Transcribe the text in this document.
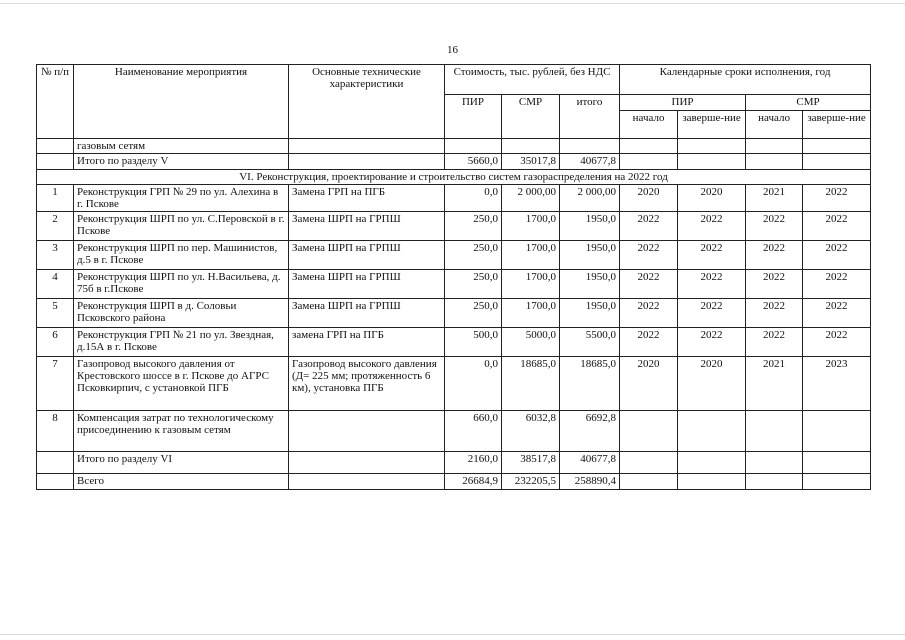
16
№ п/п	Наименование мероприятия	Основные технические характеристики	Стоимость, тыс. рублей, без НДС			Календарные сроки исполнения, год			
			ПИР	СМР	итого	ПИР		СМР	
						начало	заверше-ние	начало	заверше-ние
	газовым сетям								
	Итого по разделу V		5660,0	35017,8	40677,8				
VI. Реконструкция, проектирование и строительство систем газораспределения на 2022 год									
1	Реконструкция ГРП № 29 по ул. Алехина в г. Пскове	Замена ГРП на ПГБ	0,0	2 000,00	2 000,00	2020	2020	2021	2022
2	Реконструкция ШРП по ул. С.Перовской в г. Пскове	Замена ШРП на ГРПШ	250,0	1700,0	1950,0	2022	2022	2022	2022
3	Реконструкция ШРП по пер. Машинистов, д.5 в г. Пскове	Замена ШРП на ГРПШ	250,0	1700,0	1950,0	2022	2022	2022	2022
4	Реконструкция ШРП по ул. Н.Васильева, д. 75б в г.Пскове	Замена ШРП на ГРПШ	250,0	1700,0	1950,0	2022	2022	2022	2022
5	Реконструкция ШРП в д. Соловьи Псковского района	Замена ШРП на ГРПШ	250,0	1700,0	1950,0	2022	2022	2022	2022
6	Реконструкция ГРП № 21 по ул. Звездная, д.15А в г. Пскове	замена ГРП на ПГБ	500,0	5000,0	5500,0	2022	2022	2022	2022
7	Газопровод высокого давления от Крестовского шоссе в г. Пскове до АГРС Псковкирпич, с установкой ПГБ	Газопровод высокого давления (Д= 225 мм; протяженность 6 км), установка ПГБ	0,0	18685,0	18685,0	2020	2020	2021	2023
8	Компенсация затрат по технологическому присоединению к газовым сетям		660,0	6032,8	6692,8				
	Итого по разделу VI		2160,0	38517,8	40677,8				
	Всего		26684,9	232205,5	258890,4				
